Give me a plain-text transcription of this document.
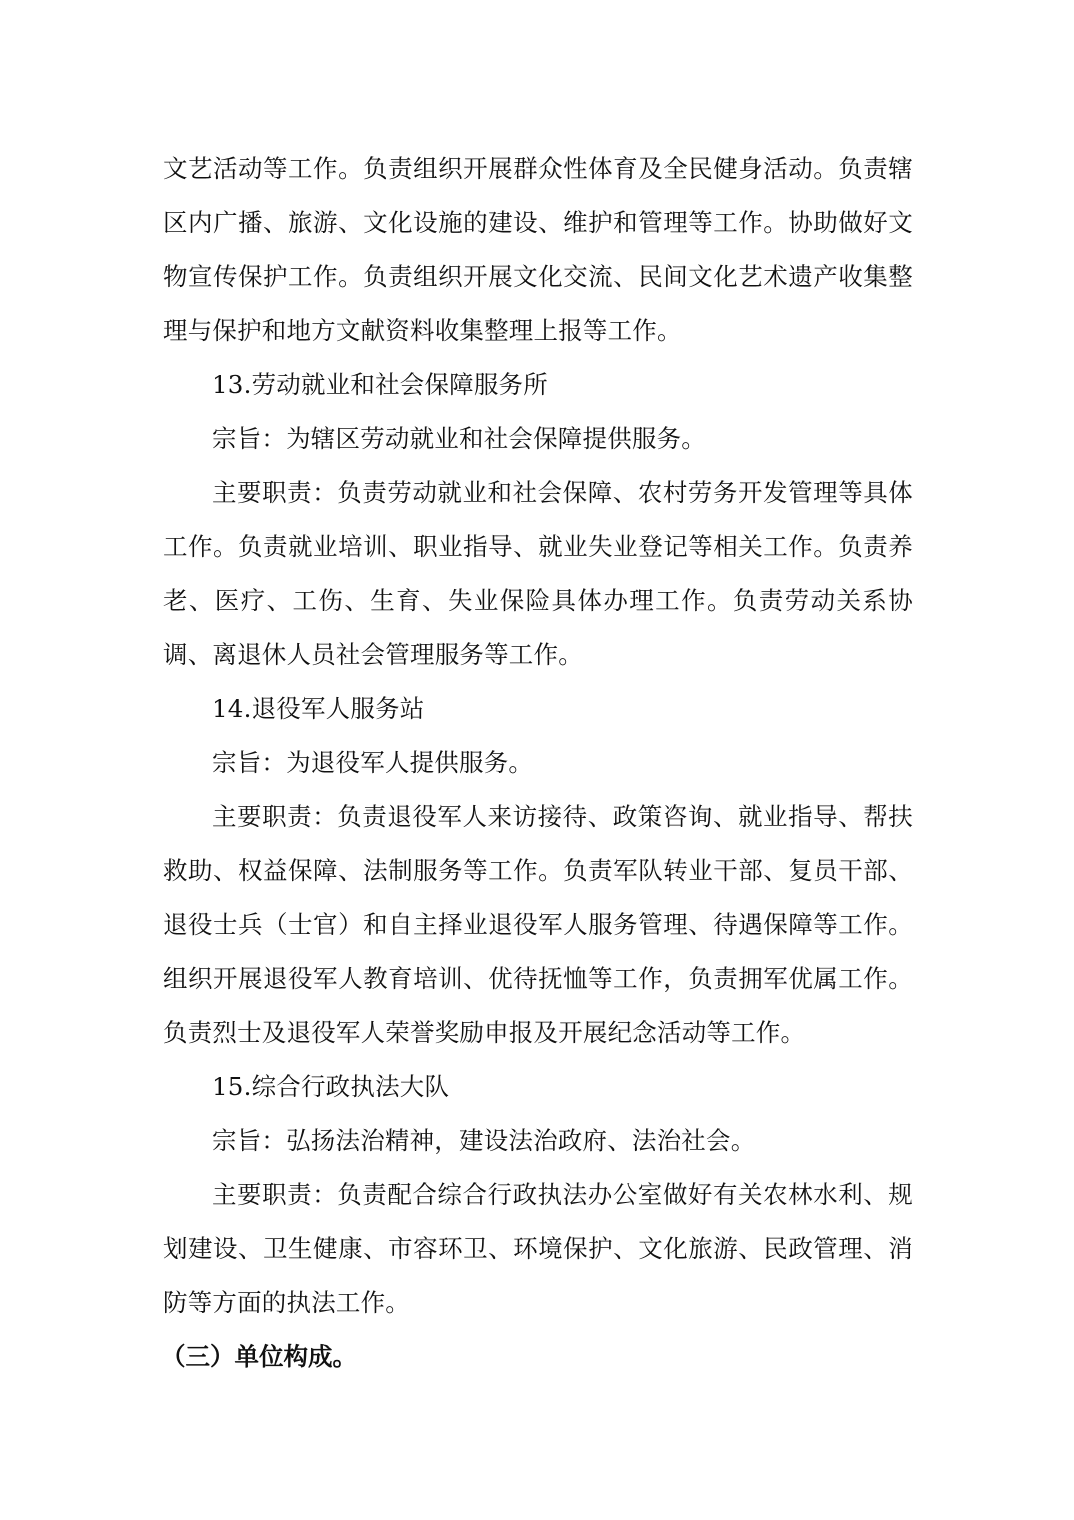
文艺活动等工作。负责组织开展群众性体育及全民健身活动。负责辖区内广播、旅游、文化设施的建设、维护和管理等工作。协助做好文物宣传保护工作。负责组织开展文化交流、民间文化艺术遗产收集整理与保护和地方文献资料收集整理上报等工作。

13.劳动就业和社会保障服务所

宗旨：为辖区劳动就业和社会保障提供服务。

主要职责：负责劳动就业和社会保障、农村劳务开发管理等具体工作。负责就业培训、职业指导、就业失业登记等相关工作。负责养老、医疗、工伤、生育、失业保险具体办理工作。负责劳动关系协调、离退休人员社会管理服务等工作。

14.退役军人服务站

宗旨：为退役军人提供服务。

主要职责：负责退役军人来访接待、政策咨询、就业指导、帮扶救助、权益保障、法制服务等工作。负责军队转业干部、复员干部、退役士兵（士官）和自主择业退役军人服务管理、待遇保障等工作。组织开展退役军人教育培训、优待抚恤等工作，负责拥军优属工作。负责烈士及退役军人荣誉奖励申报及开展纪念活动等工作。

15.综合行政执法大队

宗旨：弘扬法治精神，建设法治政府、法治社会。

主要职责：负责配合综合行政执法办公室做好有关农林水利、规划建设、卫生健康、市容环卫、环境保护、文化旅游、民政管理、消防等方面的执法工作。

（三）单位构成。
